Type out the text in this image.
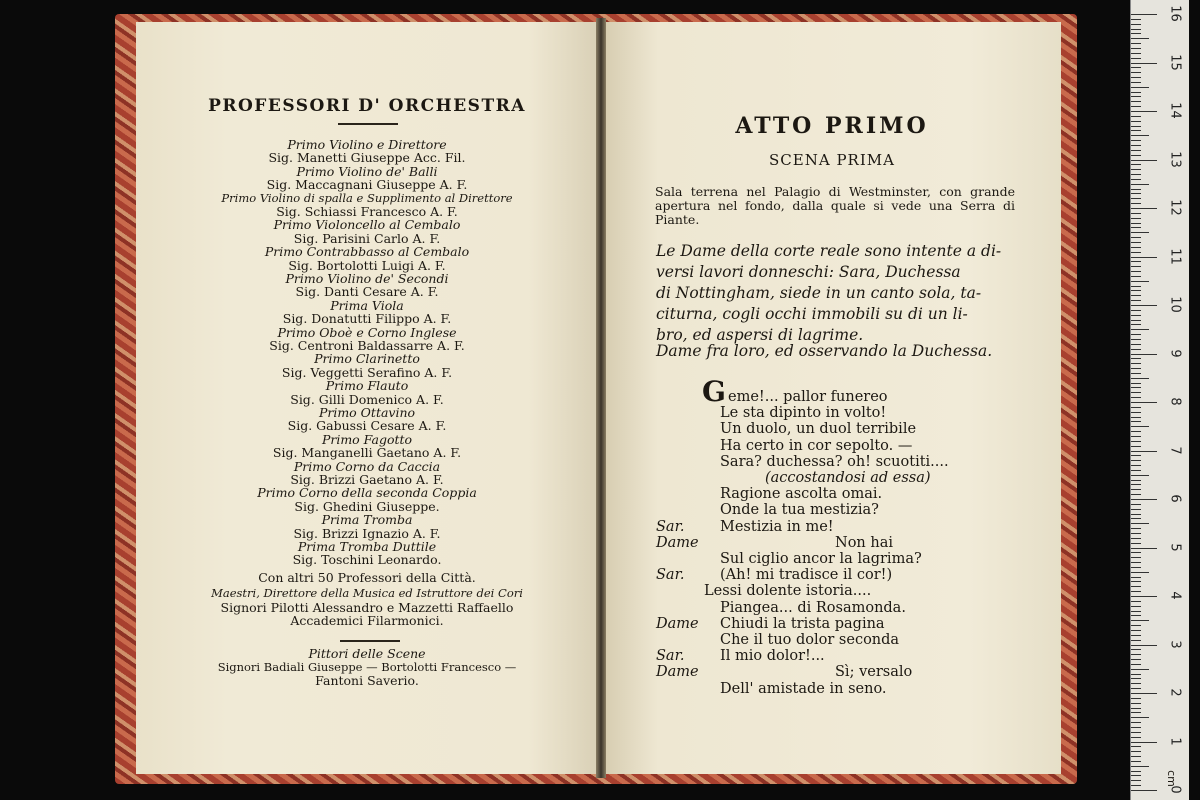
cm
16
15
14
13
12
11
10
9
8
7
6
5
4
3
2
1
0
PROFESSORI D' ORCHESTRA
Primo Violino e Direttore
Sig. Manetti Giuseppe Acc. Fil.
Primo Violino de' Balli
Sig. Maccagnani Giuseppe A. F.
Primo Violino di spalla e Supplimento al Direttore
Sig. Schiassi Francesco A. F.
Primo Violoncello al Cembalo
Sig. Parisini Carlo A. F.
Primo Contrabbasso al Cembalo
Sig. Bortolotti Luigi A. F.
Primo Violino de' Secondi
Sig. Danti Cesare A. F.
Prima Viola
Sig. Donatutti Filippo A. F.
Primo Oboè e Corno Inglese
Sig. Centroni Baldassarre A. F.
Primo Clarinetto
Sig. Veggetti Serafino A. F.
Primo Flauto
Sig. Gilli Domenico A. F.
Primo Ottavino
Sig. Gabussi Cesare A. F.
Primo Fagotto
Sig. Manganelli Gaetano A. F.
Primo Corno da Caccia
Sig. Brizzi Gaetano A. F.
Primo Corno della seconda Coppia
Sig. Ghedini Giuseppe.
Prima Tromba
Sig. Brizzi Ignazio A. F.
Prima Tromba Duttile
Sig. Toschini Leonardo.
Con altri 50 Professori della Città.
Maestri, Direttore della Musica ed Istruttore dei Cori
Signori Pilotti Alessandro e Mazzetti Raffaello
Accademici Filarmonici.
Pittori delle Scene
Signori Badiali Giuseppe — Bortolotti Francesco —
Fantoni Saverio.
ATTO PRIMO
SCENA PRIMA
Sala terrena nel Palagio di Westminster, con grande apertura nel fondo, dalla quale si vede una Serra di Piante.
Le Dame della corte reale sono intente a di-
versi lavori donneschi: Sara, Duchessa
di Nottingham, siede in un canto sola, ta-
citurna, cogli occhi immobili su di un li-
bro, ed aspersi di lagrime.
Dame fra loro, ed osservando la Duchessa.
G eme!... pallor funereo
Le sta dipinto in volto!
Un duolo, un duol terribile
Ha certo in cor sepolto. —
Sara? duchessa? oh! scuotiti....
(accostandosi ad essa)
Ragione ascolta omai.
Onde la tua mestizia?
Sar. Mestizia in me!
Dame	Non hai
Sul ciglio ancor la lagrima?
Sar. (Ah! mi tradisce il cor!)
Lessi dolente istoria....
Piangea... di Rosamonda.
Dame Chiudi la trista pagina
Che il tuo dolor seconda
Sar. Il mio dolor!...
Dame	Sì; versalo
Dell' amistade in seno.
